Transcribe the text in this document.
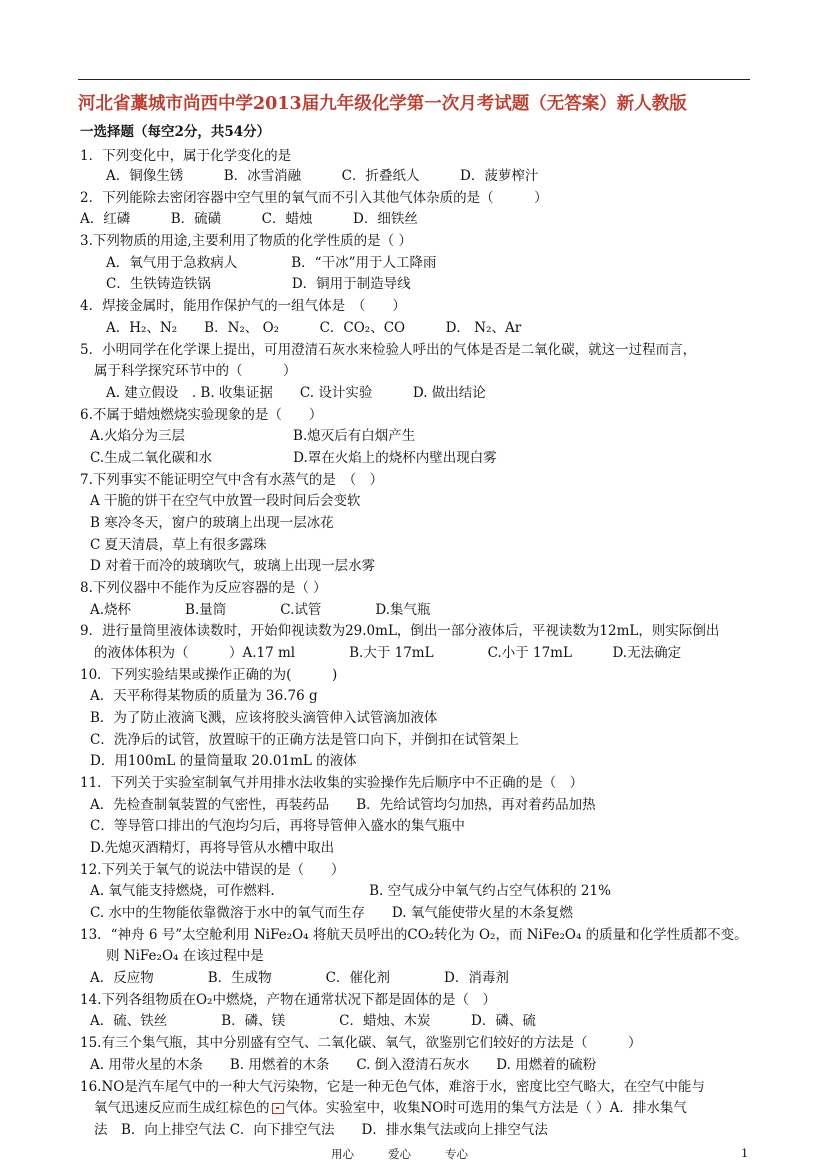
河北省藁城市尚西中学2013届九年级化学第一次月考试题（无答案）新人教版
一选择题（每空2分，共54分）
1．下列变化中，属于化学变化的是
A．铜像生锈　　　B．冰雪消融　　　C．折叠纸人　　　D．菠萝榨汁
2．下列能除去密闭容器中空气里的氧气而不引入其他气体杂质的是（　　　）
A．红磷　　　B．硫磺　　　C．蜡烛　　　D．细铁丝
3.下列物质的用途,主要利用了物质的化学性质的是（ ）
A．氧气用于急救病人　　　　B．“干冰”用于人工降雨
C．生铁铸造铁锅　　　　　　D．铜用于制造导线
4．焊接金属时，能用作保护气的一组气体是　（　　）
A．H₂、N₂　　B．N₂、 O₂　　　C．CO₂、CO　　　D． N₂、Ar
5．小明同学在化学课上提出，可用澄清石灰水来检验人呼出的气体是否是二氧化碳，就这一过程而言，
属于科学探究环节中的（　　　）
A. 建立假设　. B. 收集证据　　C. 设计实验　　　D. 做出结论
6.不属于蜡烛燃烧实验现象的是（　　）
A.火焰分为三层　　　　　　　　B.熄灭后有白烟产生
C.生成二氧化碳和水　　　　　　D.罩在火焰上的烧杯内壁出现白雾
7.下列事实不能证明空气中含有水蒸气的是　（　）
A 干脆的饼干在空气中放置一段时间后会变软
B 寒冷冬天，窗户的玻璃上出现一层冰花
C 夏天清晨，草上有很多露珠
D 对着干而冷的玻璃吹气，玻璃上出现一层水雾
8.下列仪器中不能作为反应容器的是（ ）
A.烧杯　　　　B.量筒　　　　C.试管　　　　D.集气瓶
9．进行量筒里液体读数时，开始仰视读数为29.0mL，倒出一部分液体后，平视读数为12mL，则实际倒出
的液体体积为（　　　）A.17 ml　　　　B.大于 17mL　　　　C.小于 17mL　　　D.无法确定
10．下列实验结果或操作正确的为(　　　)
A．天平称得某物质的质量为 36.76 g
B．为了防止液滴飞溅，应该将胶头滴管伸入试管滴加液体
C．洗净后的试管，放置晾干的正确方法是管口向下，并倒扣在试管架上
D．用100mL 的量筒量取 20.01mL 的液体
11．下列关于实验室制氧气并用排水法收集的实验操作先后顺序中不正确的是（　）
A．先检查制氧装置的气密性，再装药品　　B．先给试管均匀加热，再对着药品加热
C．等导管口排出的气泡均匀后，再将导管伸入盛水的集气瓶中
D.先熄灭酒精灯，再将导管从水槽中取出
12.下列关于氧气的说法中错误的是（　　）
A. 氧气能支持燃烧，可作燃料.　　　　　　　B. 空气成分中氧气约占空气体积的 21%
C. 水中的生物能依靠微溶于水中的氧气而生存　　D. 氧气能使带火星的木条复燃
13．“神舟 6 号”太空舱利用 NiFe₂O₄ 将航天员呼出的CO₂转化为 O₂，而 NiFe₂O₄ 的质量和化学性质都不变。
则 NiFe₂O₄ 在该过程中是
A．反应物　　　　B．生成物　　　　C．催化剂　　　　D．消毒剂
14.下列各组物质在O₂中燃烧，产物在通常状况下都是固体的是（　）
A．硫、铁丝　　　　B．磷、镁　　　　C．蜡烛、木炭　　　D．磷、硫
15.有三个集气瓶，其中分别盛有空气、二氧化碳、氧气，欲鉴别它们较好的方法是（　　　）
A. 用带火星的木条　　B. 用燃着的木条　　C. 倒入澄清石灰水　　D. 用燃着的硫粉
16.NO是汽车尾气中的一种大气污染物，它是一种无色气体，难溶于水，密度比空气略大，在空气中能与
氧气迅速反应而生成红棕色的 气体。实验室中，收集NO时可选用的集气方法是（ ）A．排水集气
法　B．向上排空气法 C．向下排空气法　　D．排水集气法或向上排空气法
用心	爱心	专心	1
